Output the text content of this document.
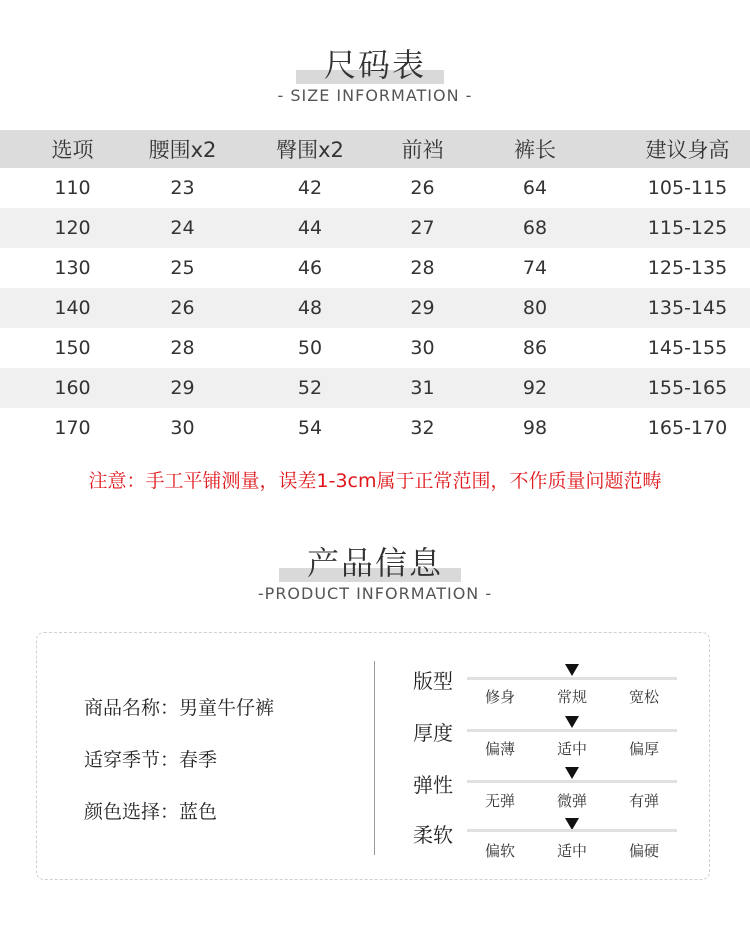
尺码表
- SIZE INFORMATION -
选项	腰围x2	臀围x2	前裆	裤长	建议身高
110	23	42	26	64	105-115
120	24	44	27	68	115-125
130	25	46	28	74	125-135
140	26	48	29	80	135-145
150	28	50	30	86	145-155
160	29	52	31	92	155-165
170	30	54	32	98	165-170
注意：手工平铺测量，误差1-3cm属于正常范围，不作质量问题范畴
产品信息
-PRODUCT INFORMATION -
商品名称：男童牛仔裤
适穿季节：春季
颜色选择：蓝色
版型
修身	常规	宽松
厚度
偏薄	适中	偏厚
弹性
无弹	微弹	有弹
柔软
偏软	适中	偏硬
